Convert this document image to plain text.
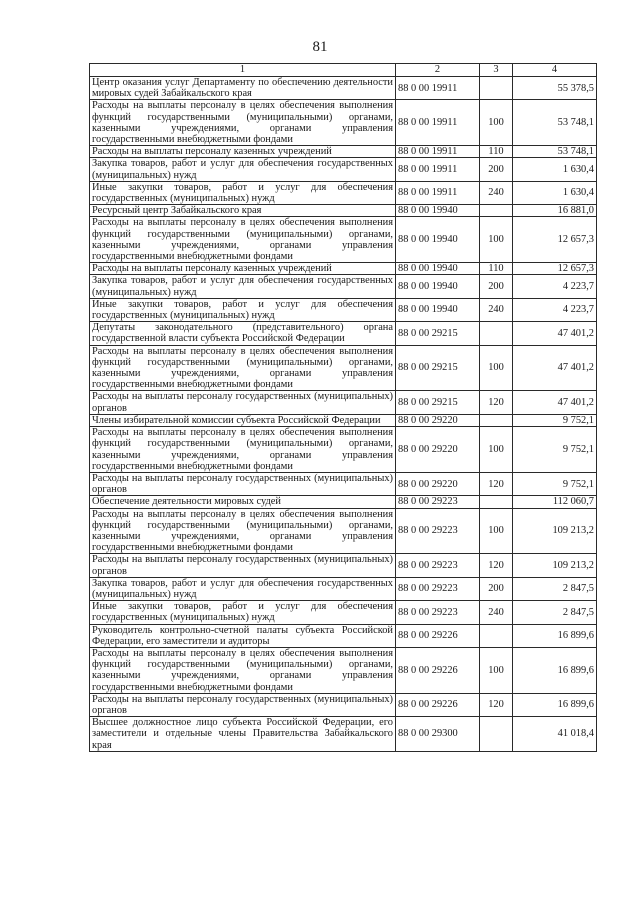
81
1	2	3	4
Центр оказания услуг Департаменту по обеспечению деятельности мировых судей Забайкальского края	88 0 00 19911		55 378,5
Расходы на выплаты персоналу в целях обеспечения выполнения функций государственными (муниципальными) органами, казенными учреждениями, органами управления государственными внебюджетными фондами	88 0 00 19911	100	53 748,1
Расходы на выплаты персоналу казенных учреждений	88 0 00 19911	110	53 748,1
Закупка товаров, работ и услуг для обеспечения государственных (муниципальных) нужд	88 0 00 19911	200	1 630,4
Иные закупки товаров, работ и услуг для обеспечения государственных (муниципальных) нужд	88 0 00 19911	240	1 630,4
Ресурсный центр Забайкальского края	88 0 00 19940		16 881,0
Расходы на выплаты персоналу в целях обеспечения выполнения функций государственными (муниципальными) органами, казенными учреждениями, органами управления государственными внебюджетными фондами	88 0 00 19940	100	12 657,3
Расходы на выплаты персоналу казенных учреждений	88 0 00 19940	110	12 657,3
Закупка товаров, работ и услуг для обеспечения государственных (муниципальных) нужд	88 0 00 19940	200	4 223,7
Иные закупки товаров, работ и услуг для обеспечения государственных (муниципальных) нужд	88 0 00 19940	240	4 223,7
Депутаты законодательного (представительного) органа государственной власти субъекта Российской Федерации	88 0 00 29215		47 401,2
Расходы на выплаты персоналу в целях обеспечения выполнения функций государственными (муниципальными) органами, казенными учреждениями, органами управления государственными внебюджетными фондами	88 0 00 29215	100	47 401,2
Расходы на выплаты персоналу государственных (муниципальных) органов	88 0 00 29215	120	47 401,2
Члены избирательной комиссии субъекта Российской Федерации	88 0 00 29220		9 752,1
Расходы на выплаты персоналу в целях обеспечения выполнения функций государственными (муниципальными) органами, казенными учреждениями, органами управления государственными внебюджетными фондами	88 0 00 29220	100	9 752,1
Расходы на выплаты персоналу государственных (муниципальных) органов	88 0 00 29220	120	9 752,1
Обеспечение деятельности мировых судей	88 0 00 29223		112 060,7
Расходы на выплаты персоналу в целях обеспечения выполнения функций государственными (муниципальными) органами, казенными учреждениями, органами управления государственными внебюджетными фондами	88 0 00 29223	100	109 213,2
Расходы на выплаты персоналу государственных (муниципальных) органов	88 0 00 29223	120	109 213,2
Закупка товаров, работ и услуг для обеспечения государственных (муниципальных) нужд	88 0 00 29223	200	2 847,5
Иные закупки товаров, работ и услуг для обеспечения государственных (муниципальных) нужд	88 0 00 29223	240	2 847,5
Руководитель контрольно-счетной палаты субъекта Российской Федерации, его заместители и аудиторы	88 0 00 29226		16 899,6
Расходы на выплаты персоналу в целях обеспечения выполнения функций государственными (муниципальными) органами, казенными учреждениями, органами управления государственными внебюджетными фондами	88 0 00 29226	100	16 899,6
Расходы на выплаты персоналу государственных (муниципальных) органов	88 0 00 29226	120	16 899,6
Высшее должностное лицо субъекта Российской Федерации, его заместители и отдельные члены Правительства Забайкальского края	88 0 00 29300		41 018,4
